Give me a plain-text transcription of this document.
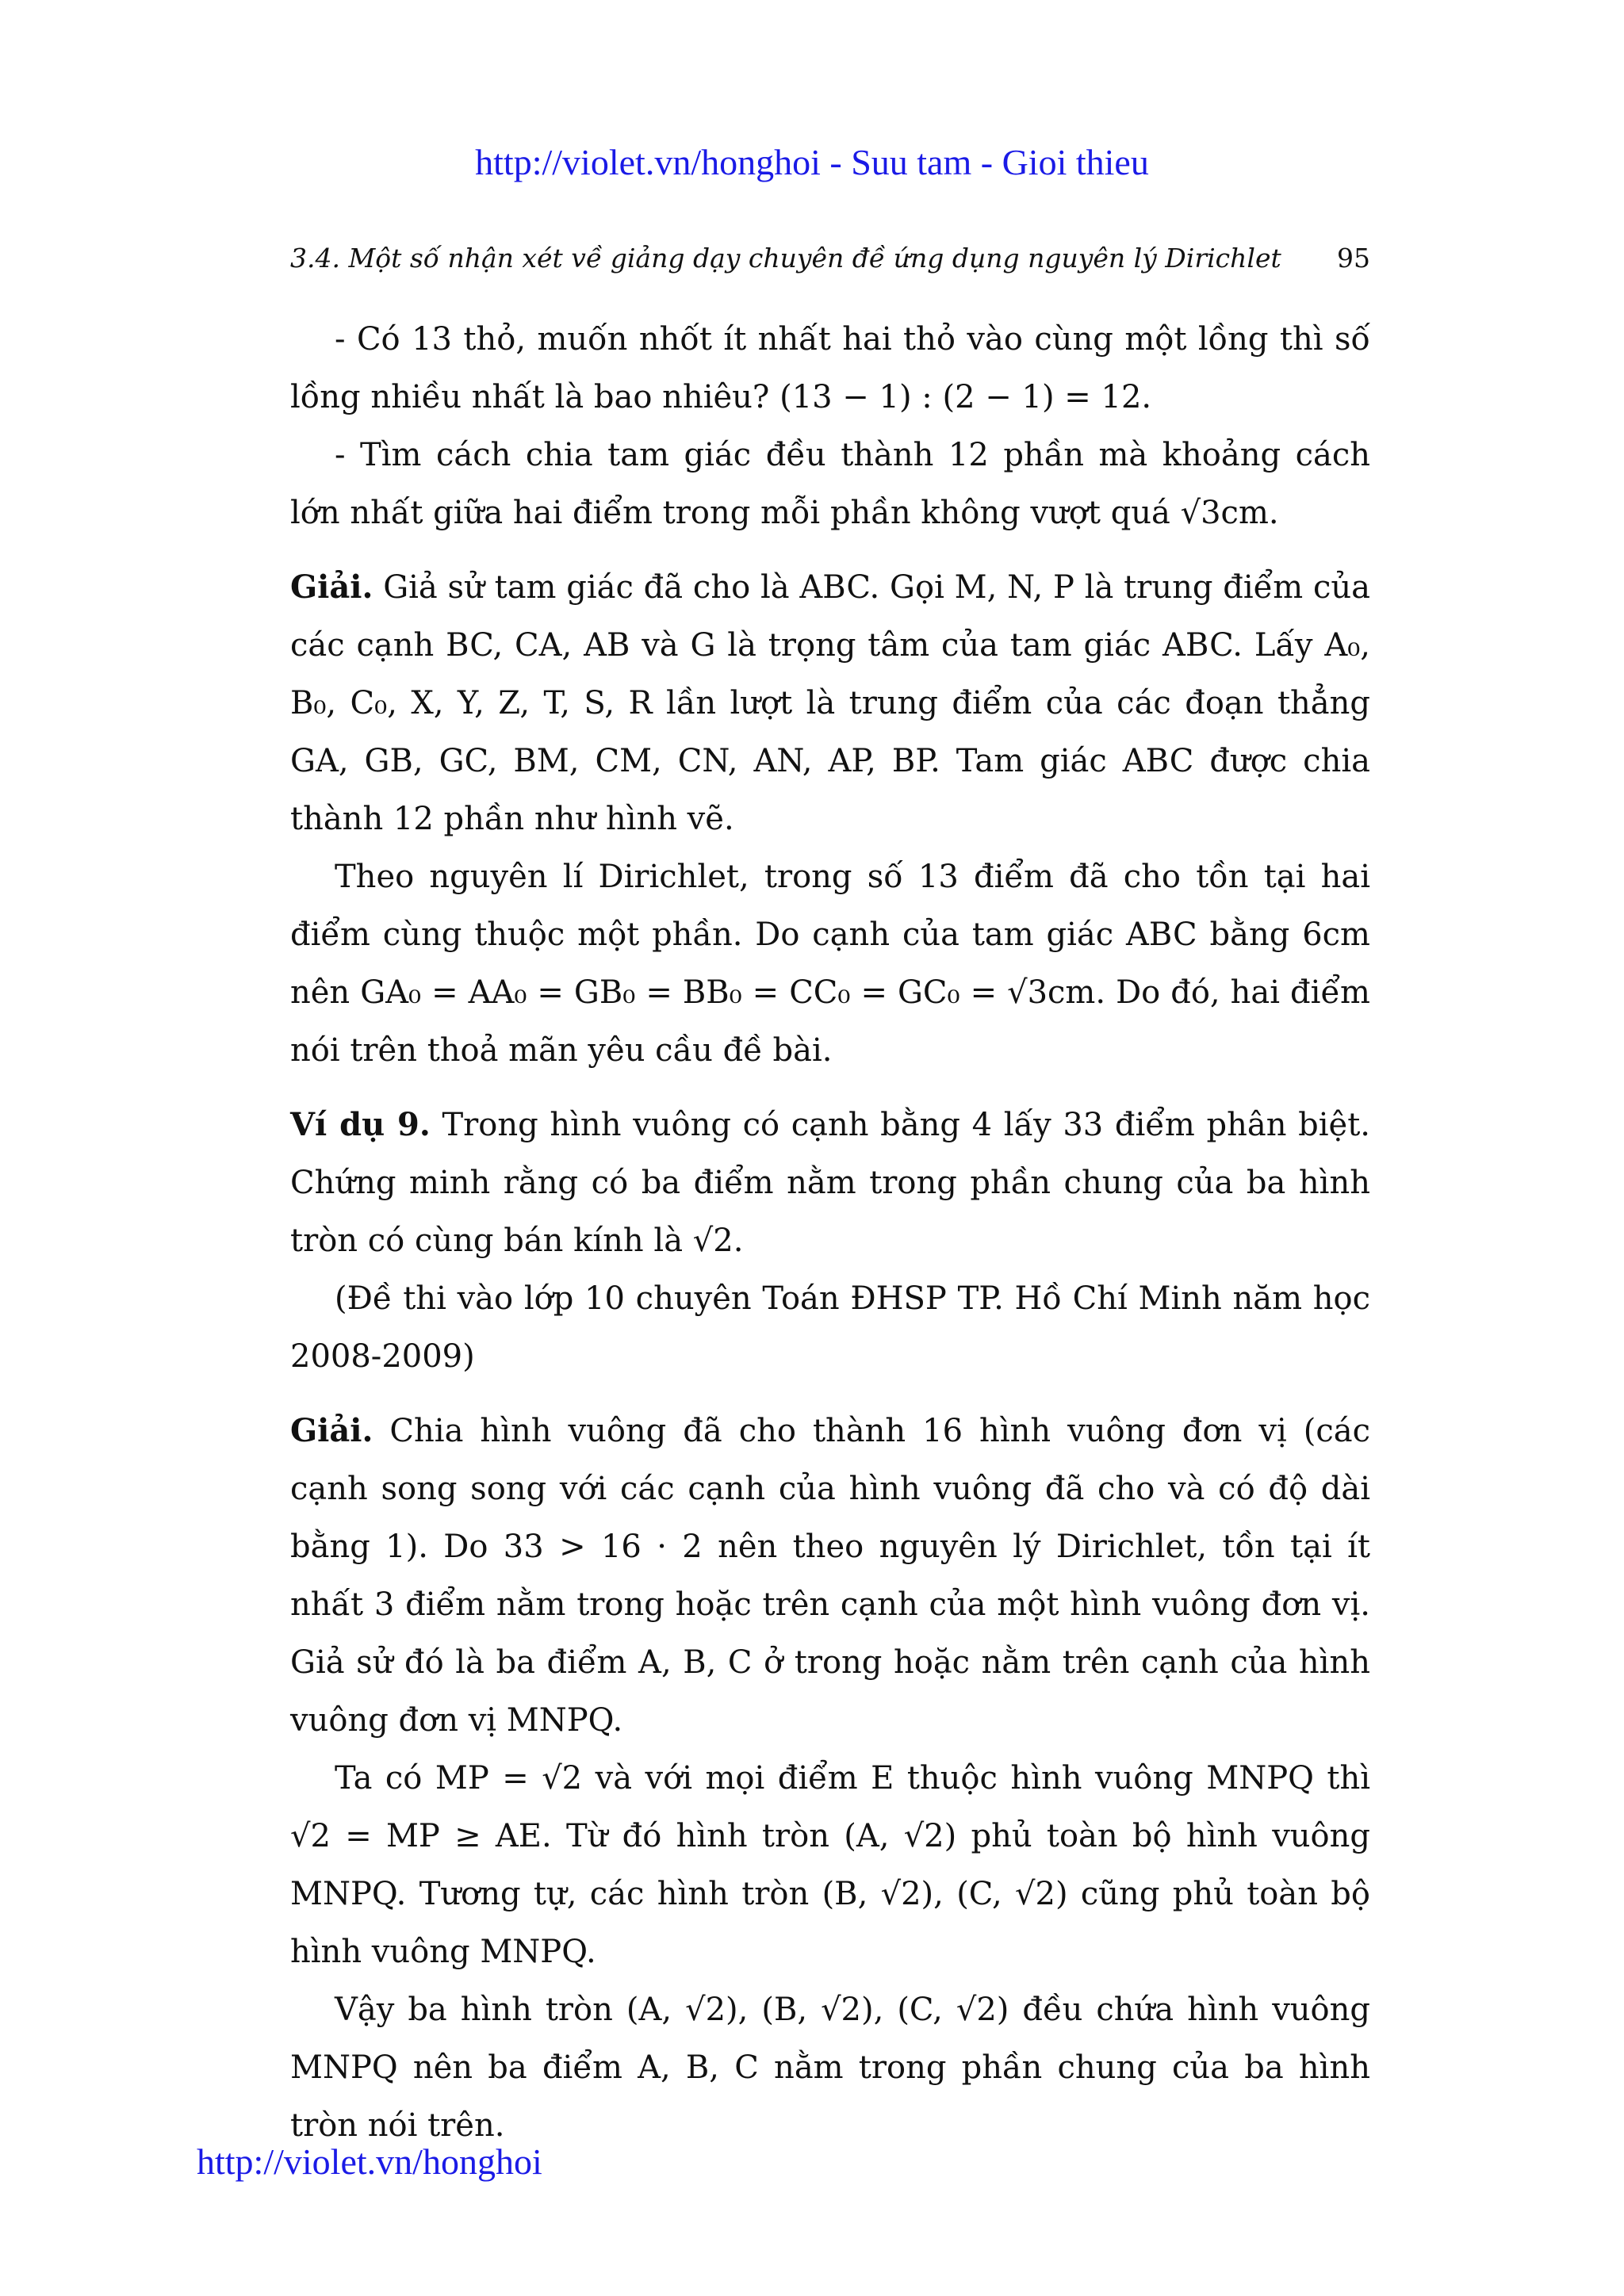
http://violet.vn/honghoi - Suu tam - Gioi thieu
3.4. Một số nhận xét về giảng dạy chuyên đề ứng dụng nguyên lý Dirichlet 95

- Có 13 thỏ, muốn nhốt ít nhất hai thỏ vào cùng một lồng thì số lồng nhiều nhất là bao nhiêu? (13 − 1) : (2 − 1) = 12.

- Tìm cách chia tam giác đều thành 12 phần mà khoảng cách lớn nhất giữa hai điểm trong mỗi phần không vượt quá √3cm.

Giải. Giả sử tam giác đã cho là ABC. Gọi M, N, P là trung điểm của các cạnh BC, CA, AB và G là trọng tâm của tam giác ABC. Lấy A₀, B₀, C₀, X, Y, Z, T, S, R lần lượt là trung điểm của các đoạn thẳng GA, GB, GC, BM, CM, CN, AN, AP, BP. Tam giác ABC được chia thành 12 phần như hình vẽ.

Theo nguyên lí Dirichlet, trong số 13 điểm đã cho tồn tại hai điểm cùng thuộc một phần. Do cạnh của tam giác ABC bằng 6cm nên GA₀ = AA₀ = GB₀ = BB₀ = CC₀ = GC₀ = √3cm. Do đó, hai điểm nói trên thoả mãn yêu cầu đề bài.

Ví dụ 9. Trong hình vuông có cạnh bằng 4 lấy 33 điểm phân biệt. Chứng minh rằng có ba điểm nằm trong phần chung của ba hình tròn có cùng bán kính là √2.

(Đề thi vào lớp 10 chuyên Toán ĐHSP TP. Hồ Chí Minh năm học 2008-2009)

Giải. Chia hình vuông đã cho thành 16 hình vuông đơn vị (các cạnh song song với các cạnh của hình vuông đã cho và có độ dài bằng 1). Do 33 > 16 · 2 nên theo nguyên lý Dirichlet, tồn tại ít nhất 3 điểm nằm trong hoặc trên cạnh của một hình vuông đơn vị. Giả sử đó là ba điểm A, B, C ở trong hoặc nằm trên cạnh của hình vuông đơn vị MNPQ.

Ta có MP = √2 và với mọi điểm E thuộc hình vuông MNPQ thì √2 = MP ≥ AE. Từ đó hình tròn (A, √2) phủ toàn bộ hình vuông MNPQ. Tương tự, các hình tròn (B, √2), (C, √2) cũng phủ toàn bộ hình vuông MNPQ.

Vậy ba hình tròn (A, √2), (B, √2), (C, √2) đều chứa hình vuông MNPQ nên ba điểm A, B, C nằm trong phần chung của ba hình tròn nói trên.

http://violet.vn/honghoi
